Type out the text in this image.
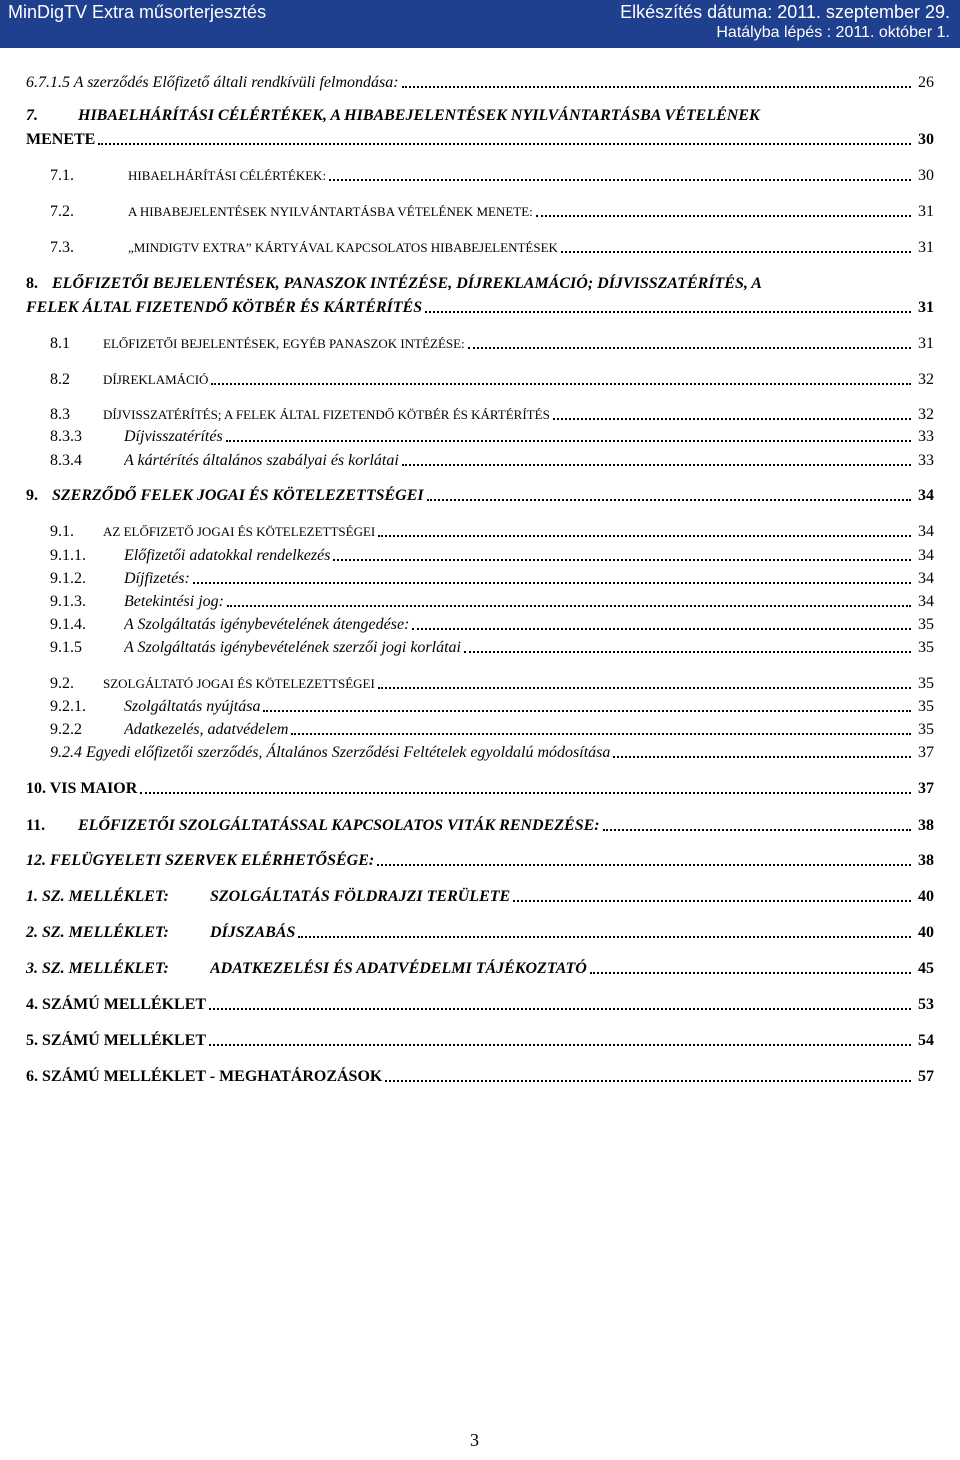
MinDigTV Extra műsorterjesztés	Elkészítés dátuma: 2011. szeptember 29.
Hatályba lépés : 2011. október 1.
6.7.1.5 A szerződés Előfizető általi rendkívüli felmondása:	26
7.	HIBAELHÁRÍTÁSI CÉLÉRTÉKEK, A HIBABEJELENTÉSEK NYILVÁNTARTÁSBA VÉTELÉNEK
MENETE	30
7.1.	HIBAELHÁRÍTÁSI CÉLÉRTÉKEK:	30
7.2.	A HIBABEJELENTÉSEK NYILVÁNTARTÁSBA VÉTELÉNEK MENETE:	31
7.3.	„MINDIGTV EXTRA” KÁRTYÁVAL KAPCSOLATOS HIBABEJELENTÉSEK	31
8. ELŐFIZETŐI BEJELENTÉSEK, PANASZOK INTÉZÉSE, DÍJREKLAMÁCIÓ; DÍJVISSZATÉRÍTÉS, A
FELEK ÁLTAL FIZETENDŐ KÖTBÉR ÉS KÁRTÉRÍTÉS	31
8.1	ELŐFIZETŐI BEJELENTÉSEK, EGYÉB PANASZOK INTÉZÉSE:	31
8.2	DÍJREKLAMÁCIÓ	32
8.3	DÍJVISSZATÉRÍTÉS; A FELEK ÁLTAL FIZETENDŐ KÖTBÉR ÉS KÁRTÉRÍTÉS	32
8.3.3	Díjvisszatérítés	33
8.3.4	A kártérítés általános szabályai és korlátai	33
9. SZERZŐDŐ FELEK JOGAI ÉS KÖTELEZETTSÉGEI	34
9.1. AZ ELŐFIZETŐ JOGAI ÉS KÖTELEZETTSÉGEI	34
9.1.1. Előfizetői adatokkal rendelkezés	34
9.1.2. Díjfizetés:	34
9.1.3. Betekintési jog:	34
9.1.4. A Szolgáltatás igénybevételének átengedése:	35
9.1.5	A Szolgáltatás igénybevételének szerzői jogi korlátai	35
9.2. SZOLGÁLTATÓ JOGAI ÉS KÖTELEZETTSÉGEI	35
9.2.1. Szolgáltatás nyújtása	35
9.2.2	Adatkezelés, adatvédelem	35
9.2.4 Egyedi előfizetői szerződés, Általános Szerződési Feltételek egyoldalú módosítása	37
10. VIS MAIOR	37
11. ELŐFIZETŐI SZOLGÁLTATÁSSAL KAPCSOLATOS VITÁK RENDEZÉSE:	38
12. FELÜGYELETI SZERVEK ELÉRHETŐSÉGE:	38
1. SZ. MELLÉKLET:	SZOLGÁLTATÁS FÖLDRAJZI TERÜLETE	40
2. SZ. MELLÉKLET:	DÍJSZABÁS	40
3. SZ. MELLÉKLET:	ADATKEZELÉSI ÉS ADATVÉDELMI TÁJÉKOZTATÓ	45
4. SZÁMÚ MELLÉKLET	53
5. SZÁMÚ MELLÉKLET	54
6. SZÁMÚ MELLÉKLET - MEGHATÁROZÁSOK	57
3
